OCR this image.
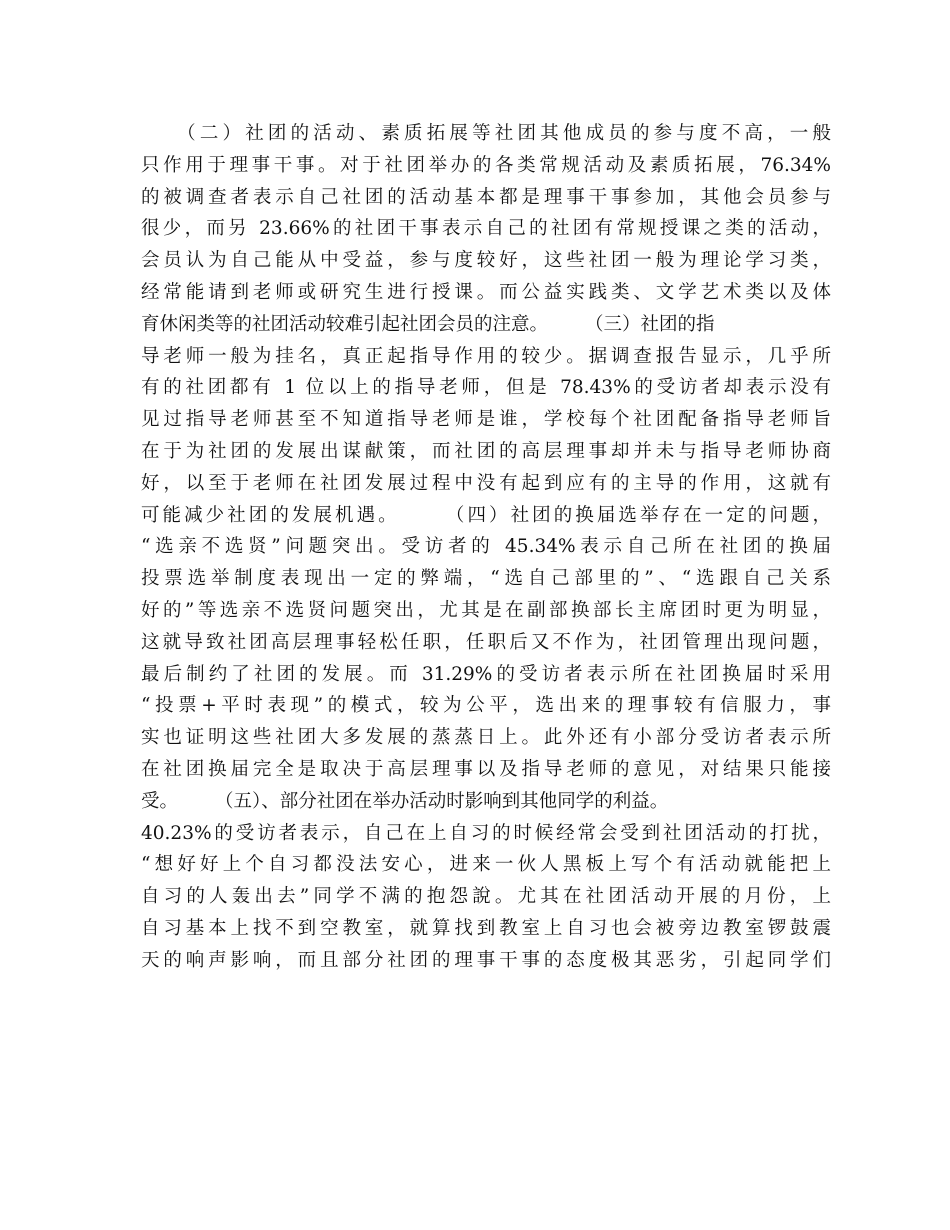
　　（二）社团的活动、素质拓展等社团其他成员的参与度不高，一般
只作用于理事干事。对于社团举办的各类常规活动及素质拓展，76.34%
的被调查者表示自己社团的活动基本都是理事干事参加，其他会员参与
很少，而另 23.66%的社团干事表示自己的社团有常规授课之类的活动，
会员认为自己能从中受益，参与度较好，这些社团一般为理论学习类，
经常能请到老师或研究生进行授课。而公益实践类、文学艺术类以及体
育休闲类等的社团活动较难引起社团会员的注意。　　　（三）社团的指
导老师一般为挂名，真正起指导作用的较少。据调查报告显示，几乎所
有的社团都有 1 位以上的指导老师，但是 78.43%的受访者却表示没有
见过指导老师甚至不知道指导老师是谁，学校每个社团配备指导老师旨
在于为社团的发展出谋献策，而社团的高层理事却并未与指导老师协商
好，以至于老师在社团发展过程中没有起到应有的主导的作用，这就有
可能减少社团的发展机遇。　　　（四）社团的换届选举存在一定的问题，
“选亲不选贤”问题突出。受访者的 45.34%表示自己所在社团的换届
投票选举制度表现出一定的弊端，“选自己部里的”、“选跟自己关系
好的”等选亲不选贤问题突出，尤其是在副部换部长主席团时更为明显，
这就导致社团高层理事轻松任职，任职后又不作为，社团管理出现问题，
最后制约了社团的发展。而 31.29%的受访者表示所在社团换届时采用
“投票+平时表现”的模式，较为公平，选出来的理事较有信服力，事
实也证明这些社团大多发展的蒸蒸日上。此外还有小部分受访者表示所
在社团换届完全是取决于高层理事以及指导老师的意见，对结果只能接
受。　　　（五）、部分社团在举办活动时影响到其他同学的利益。
40.23%的受访者表示，自己在上自习的时候经常会受到社团活动的打扰，
“想好好上个自习都没法安心，进来一伙人黑板上写个有活动就能把上
自习的人轰出去”同学不满的抱怨說。尤其在社团活动开展的月份，上
自习基本上找不到空教室，就算找到教室上自习也会被旁边教室锣鼓震
天的响声影响，而且部分社团的理事干事的态度极其恶劣，引起同学们
